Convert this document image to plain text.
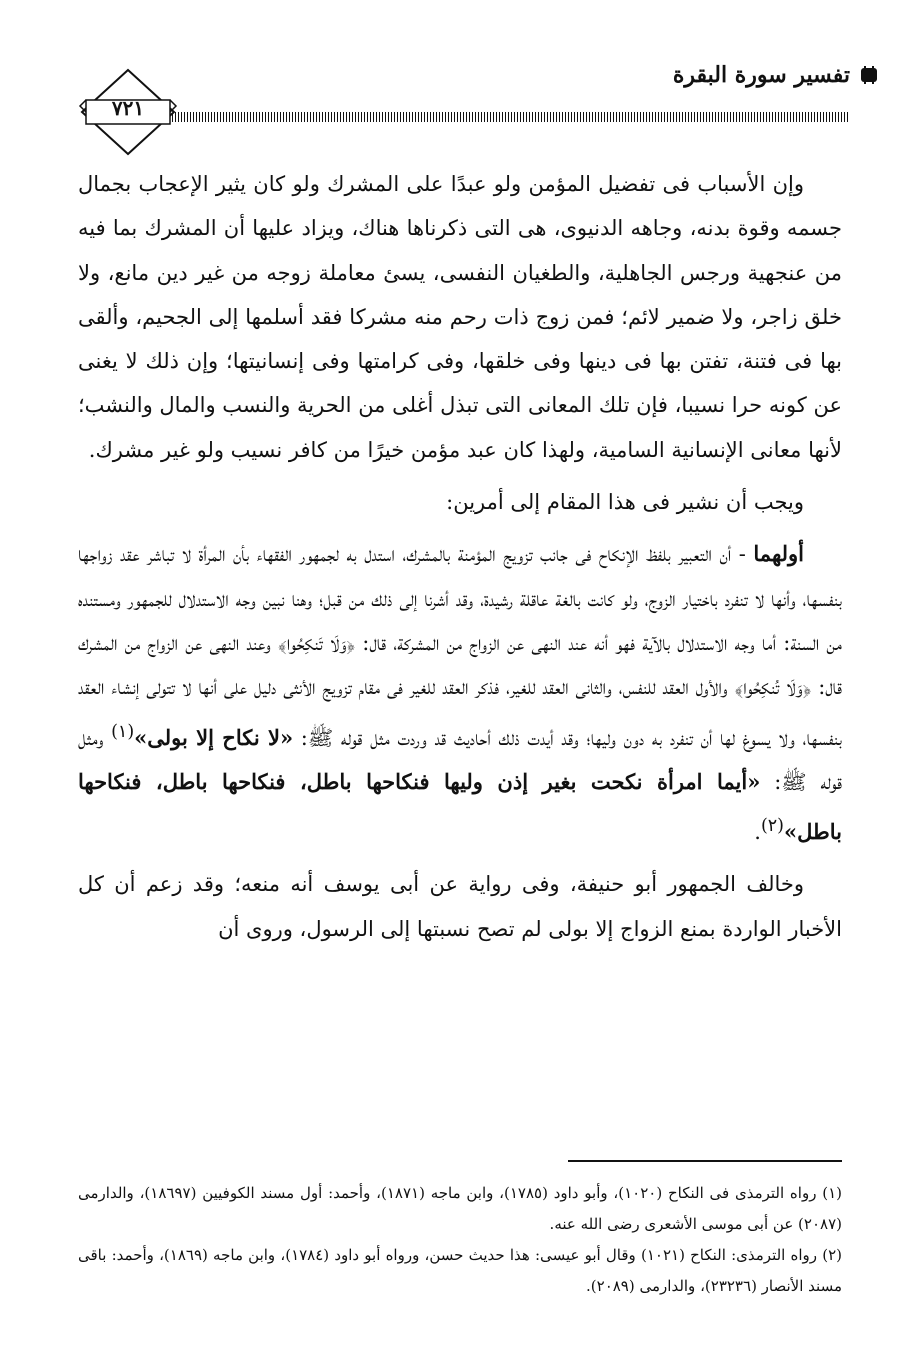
تفسير سورة البقرة
٧٢١

وإن الأسباب فى تفضيل المؤمن ولو عبدًا على المشرك ولو كان يثير الإعجاب بجمال جسمه وقوة بدنه، وجاهه الدنيوى، هى التى ذكرناها هناك، ويزاد عليها أن المشرك بما فيه من عنجهية ورجس الجاهلية، والطغيان النفسى، يسئ معاملة زوجه من غير دين مانع، ولا خلق زاجر، ولا ضمير لائم؛ فمن زوج ذات رحم منه مشركا فقد أسلمها إلى الجحيم، وألقى بها فى فتنة، تفتن بها فى دينها وفى خلقها، وفى كرامتها وفى إنسانيتها؛ وإن ذلك لا يغنى عن كونه حرا نسيبا، فإن تلك المعانى التى تبذل أغلى من الحرية والنسب والمال والنشب؛ لأنها معانى الإنسانية السامية، ولهذا كان عبد مؤمن خيرًا من كافر نسيب ولو غير مشرك.

ويجب أن نشير فى هذا المقام إلى أمرين:

أولهما - أن التعبير بلفظ الإنكاح فى جانب تزويج المؤمنة بالمشرك، استدل به لجمهور الفقهاء بأن المرأة لا تباشر عقد زواجها بنفسها، وأنها لا تنفرد باختيار الزوج، ولو كانت بالغة عاقلة رشيدة، وقد أشرنا إلى ذلك من قبل؛ وهنا نبين وجه الاستدلال للجمهور ومستنده من السنة: أما وجه الاستدلال بالآية فهو أنه عند النهى عن الزواج من المشركة، قال: ﴿وَلَا تَنكِحُوا﴾ وعند النهى عن الزواج من المشرك قال: ﴿وَلَا تُنكِحُوا﴾ والأول العقد للنفس، والثانى العقد للغير، فذكر العقد للغير فى مقام تزويج الأنثى دليل على أنها لا تتولى إنشاء العقد بنفسها، ولا يسوغ لها أن تنفرد به دون وليها؛ وقد أيدت ذلك أحاديث قد وردت مثل قوله ﷺ: «لا نكاح إلا بولى»$^{(١)}$ ومثل قوله ﷺ: «أيما امرأة نكحت بغير إذن وليها فنكاحها باطل، فنكاحها باطل، فنكاحها باطل»$^{(٢)}$.

وخالف الجمهور أبو حنيفة، وفى رواية عن أبى يوسف أنه منعه؛ وقد زعم أن كل الأخبار الواردة بمنع الزواج إلا بولى لم تصح نسبتها إلى الرسول، وروى أن

(١) رواه الترمذى فى النكاح (١٠٢٠)، وأبو داود (١٧٨٥)، وابن ماجه (١٨٧١)، وأحمد: أول مسند الكوفيين (١٨٦٩٧)، والدارمى (٢٠٨٧) عن أبى موسى الأشعرى رضى الله عنه.

(٢) رواه الترمذى: النكاح (١٠٢١) وقال أبو عيسى: هذا حديث حسن، ورواه أبو داود (١٧٨٤)، وابن ماجه (١٨٦٩)، وأحمد: باقى مسند الأنصار (٢٣٢٣٦)، والدارمى (٢٠٨٩).
